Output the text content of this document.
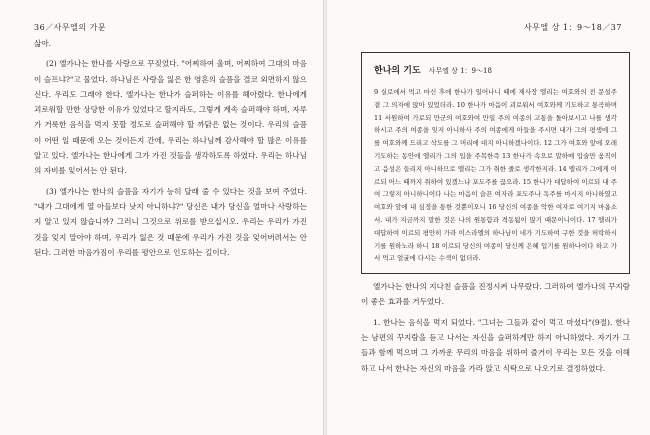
36／사무엘의 가문

삶아.

(2) 엘가나는 한나를 사랑으로 꾸짖었다. "어찌하여 울며, 어찌하여 그대의 마음이 슬프냐?"고 물었다. 하나님은 사랑을 잃은 한 영혼의 슬픔을 결코 외면하지 않으신다. 우리도 그래야 한다. 엘가나는 한나가 슬퍼하는 이유를 헤아렸다. 한나에게 괴로워할 만한 상당한 이유가 있었다고 할지라도, 그렇게 계속 슬퍼해야 하며, 자루가 거룩한 음식을 먹지 못할 정도로 슬퍼해야 할 까닭은 없는 것이다. 우리의 슬픔이 어떤 일 때문에 오는 것이든지 간에, 우리는 하나님께 감사해야 할 많은 이유를 알고 있다. 엘가나는 한나에게 그가 가진 것들을 생각하도록 하였다. 우리는 하나님의 자비를 잊어서는 안 된다.

(3) 엘가나는 한나의 슬픔을 자기가 능히 달래 줄 수 있다는 것을 보여 주었다. "내가 그대에게 열 아들보다 낫지 아니하냐?" 당신은 내가 당신을 얼마나 사랑하는지 알고 있지 않습니까? 그러니 그것으로 위로를 받으십시오. 우리는 우리가 가진 것을 잊지 말아야 하며, 우리가 잃은 것 때문에 우리가 가진 것을 잊어버려서는 안 된다. 그러한 마음가짐이 우리를 평안으로 인도하는 길이다.

사무엘 상 1：9～18／37
한나의 기도 사무엘 상 1：9～18

9 실로에서 먹고 마신 후에 한나가 일어나니 때에 제사장 엘리는 여호와의 전 문설주 곁 그 의자에 앉아 있었더라. 10 한나가 마음이 괴로워서 여호와께 기도하고 통곡하며 11 서원하여 가로되 만군의 여호와여 만일 주의 여종의 고통을 돌아보시고 나를 생각하시고 주의 여종을 잊지 아니하사 주의 여종에게 아들을 주시면 내가 그의 평생에 그를 여호와께 드리고 삭도를 그 머리에 대지 아니하겠나이다. 12 그가 여호와 앞에 오래 기도하는 동안에 엘리가 그의 입을 주목한즉 13 한나가 속으로 말하매 입술만 움직이고 음성은 들리지 아니하므로 엘리는 그가 취한 줄로 생각한지라. 14 엘리가 그에게 이르되 어느 때까지 취하여 있겠느냐 포도주를 끊으라. 15 한나가 대답하여 이르되 내 주여 그렇지 아니하니이다 나는 마음이 슬픈 여자라 포도주나 독주를 마시지 아니하였고 여호와 앞에 내 심정을 통한 것뿐이오니 16 당신의 여종을 악한 여자로 여기지 마옵소서. 내가 지금까지 말한 것은 나의 원통함과 격동됨이 많기 때문이니이다. 17 엘리가 대답하여 이르되 평안히 가라 이스라엘의 하나님이 네가 기도하여 구한 것을 허락하시기를 원하노라 하니 18 이르되 당신의 여종이 당신께 은혜 입기를 원하나이다 하고 가서 먹고 얼굴에 다시는 수색이 없더라.

엘가나는 한나의 지나친 슬픔을 진정시켜 나무랐다. 그러하여 엘가나의 꾸지람이 좋은 효과를 거두었다.

1. 한나는 음식을 먹지 되었다. "그녀는 그들과 같이 먹고 마셨다"(9절). 한나는 남편의 꾸지람을 듣고 나서는 자신을 슬퍼하게만 하지 아니하였다. 자기가 그 들과 함께 먹으며 그 가까운 무리의 마음을 위하여 즐거이 우리는 모든 것을 이해하고 나서 한나는 자신의 마음을 가라 앉고 식탁으로 나오기로 결정하였다.
